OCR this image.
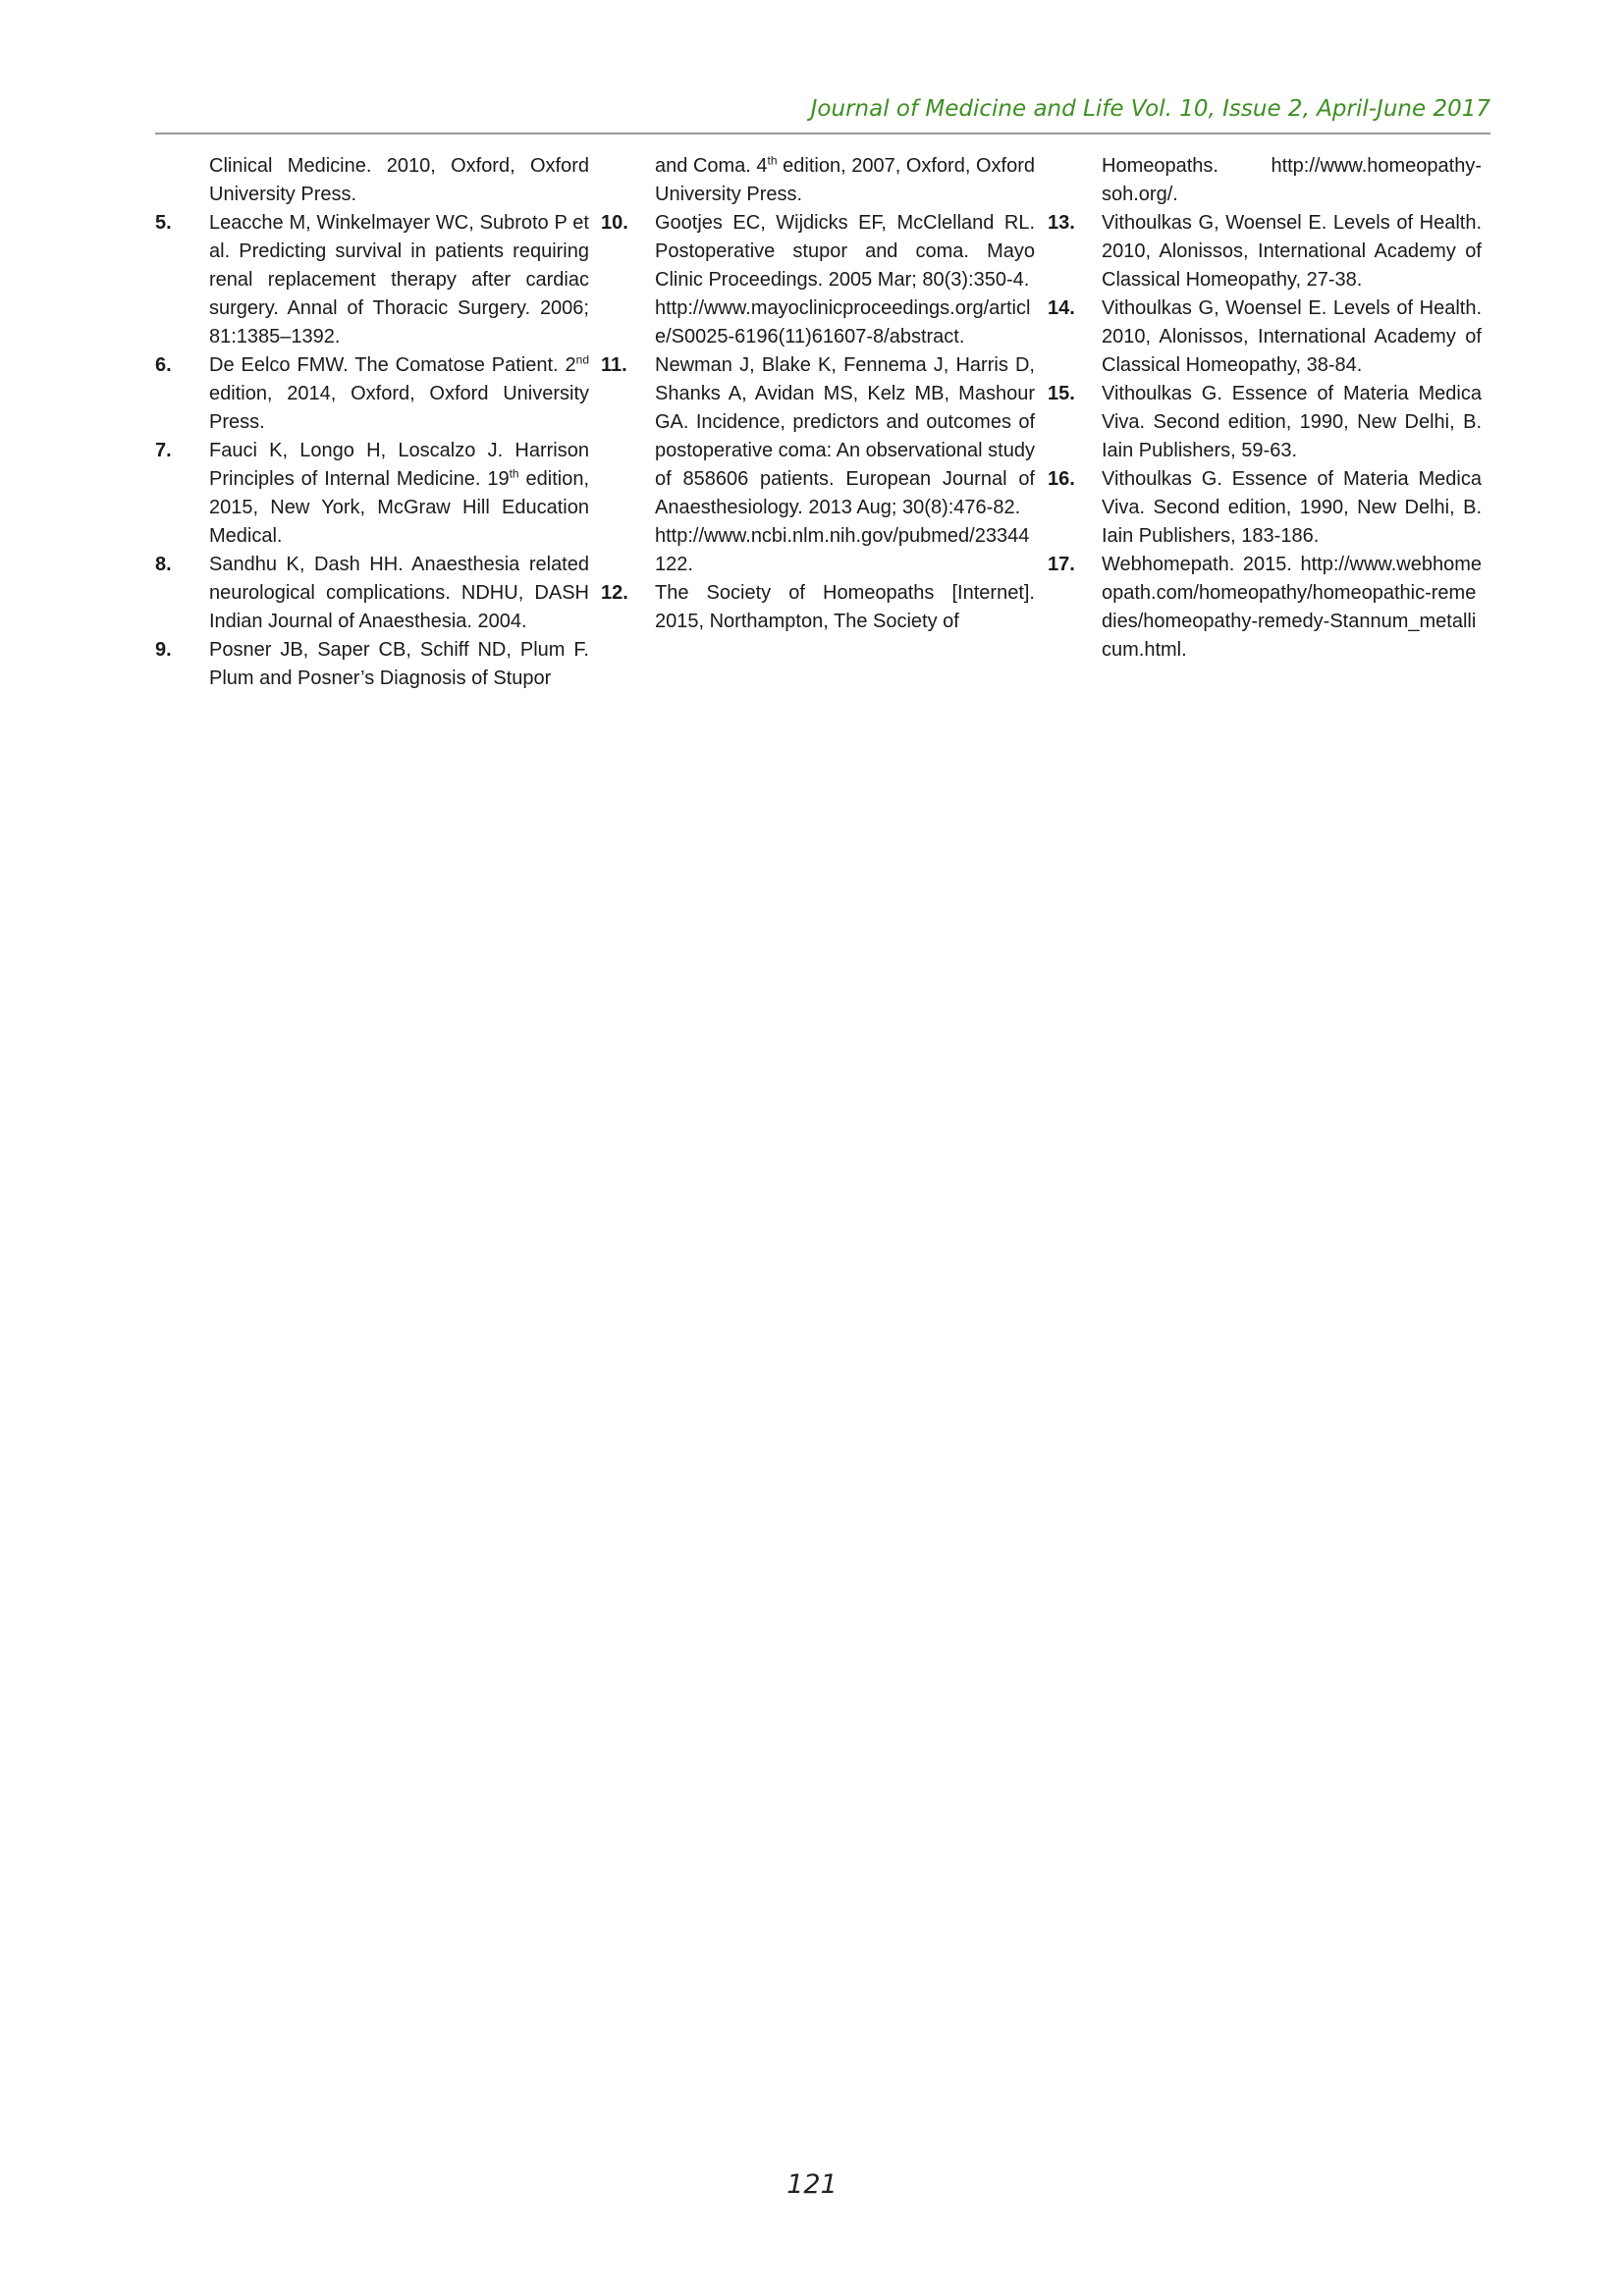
Journal of Medicine and Life Vol. 10, Issue 2, April-June 2017
Clinical Medicine. 2010, Oxford, Oxford University Press.
5. Leacche M, Winkelmayer WC, Subroto P et al. Predicting survival in patients requiring renal replacement therapy after cardiac surgery. Annal of Thoracic Surgery. 2006; 81:1385–1392.
6. De Eelco FMW. The Comatose Patient. 2nd edition, 2014, Oxford, Oxford University Press.
7. Fauci K, Longo H, Loscalzo J. Harrison Principles of Internal Medicine. 19th edition, 2015, New York, McGraw Hill Education Medical.
8. Sandhu K, Dash HH. Anaesthesia related neurological complications. NDHU, DASH Indian Journal of Anaesthesia. 2004.
9. Posner JB, Saper CB, Schiff ND, Plum F. Plum and Posner’s Diagnosis of Stupor
and Coma. 4th edition, 2007, Oxford, Oxford University Press.
10. Gootjes EC, Wijdicks EF, McClelland RL. Postoperative stupor and coma. Mayo Clinic Proceedings. 2005 Mar; 80(3):350-4.
http://www.mayoclinicproceedings.org/article/S0025-6196(11)61607-8/abstract.
11. Newman J, Blake K, Fennema J, Harris D, Shanks A, Avidan MS, Kelz MB, Mashour GA. Incidence, predictors and outcomes of postoperative coma: An observational study of 858606 patients. European Journal of Anaesthesiology. 2013 Aug; 30(8):476-82.
http://www.ncbi.nlm.nih.gov/pubmed/23344122.
12. The Society of Homeopaths [Internet]. 2015, Northampton, The Society of
Homeopaths. http://www.homeopathy-soh.org/.
13. Vithoulkas G, Woensel E. Levels of Health. 2010, Alonissos, International Academy of Classical Homeopathy, 27-38.
14. Vithoulkas G, Woensel E. Levels of Health. 2010, Alonissos, International Academy of Classical Homeopathy, 38-84.
15. Vithoulkas G. Essence of Materia Medica Viva. Second edition, 1990, New Delhi, B. Iain Publishers, 59-63.
16. Vithoulkas G. Essence of Materia Medica Viva. Second edition, 1990, New Delhi, B. Iain Publishers, 183-186.
17. Webhomepath. 2015. http://www.webhomeopath.com/homeopathy/homeopathic-remedies/homeopathy-remedy-Stannum_metallicum.html.
121
